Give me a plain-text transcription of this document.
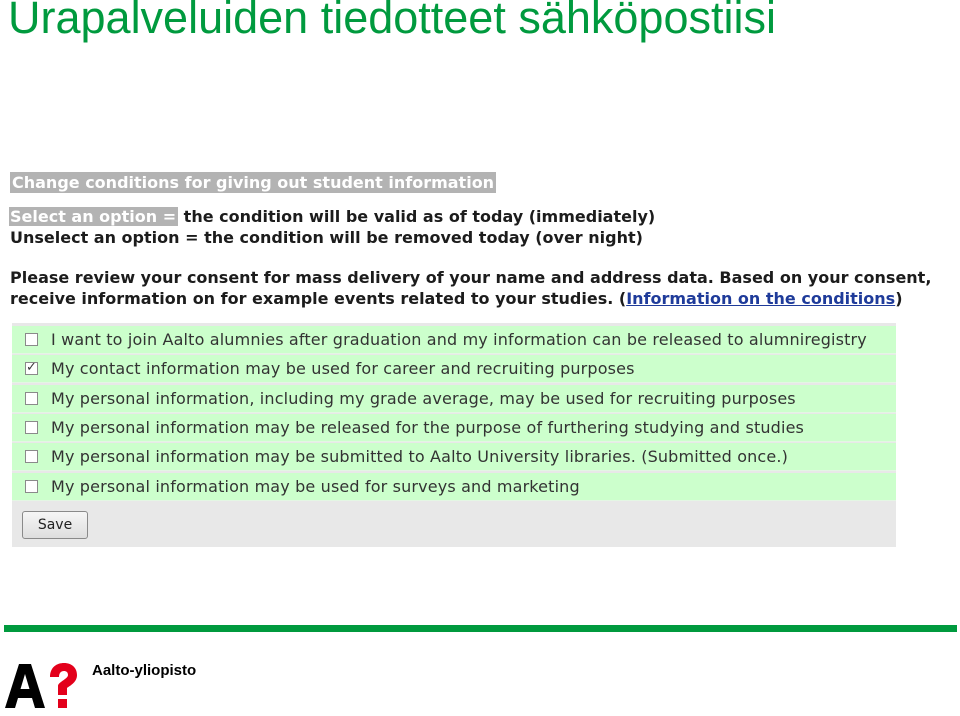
Urapalveluiden tiedotteet sähköpostiisi
Change conditions for giving out student information
Select an option = the condition will be valid as of today (immediately)
Unselect an option = the condition will be removed today (over night)
Please review your consent for mass delivery of your name and address data. Based on your consent,
receive information on for example events related to your studies. (Information on the conditions)
I want to join Aalto alumnies after graduation and my information can be released to alumniregistry
✓
My contact information may be used for career and recruiting purposes
My personal information, including my grade average, may be used for recruiting purposes
My personal information may be released for the purpose of furthering studying and studies
My personal information may be submitted to Aalto University libraries. (Submitted once.)
My personal information may be used for surveys and marketing
Save
Aalto-yliopisto
